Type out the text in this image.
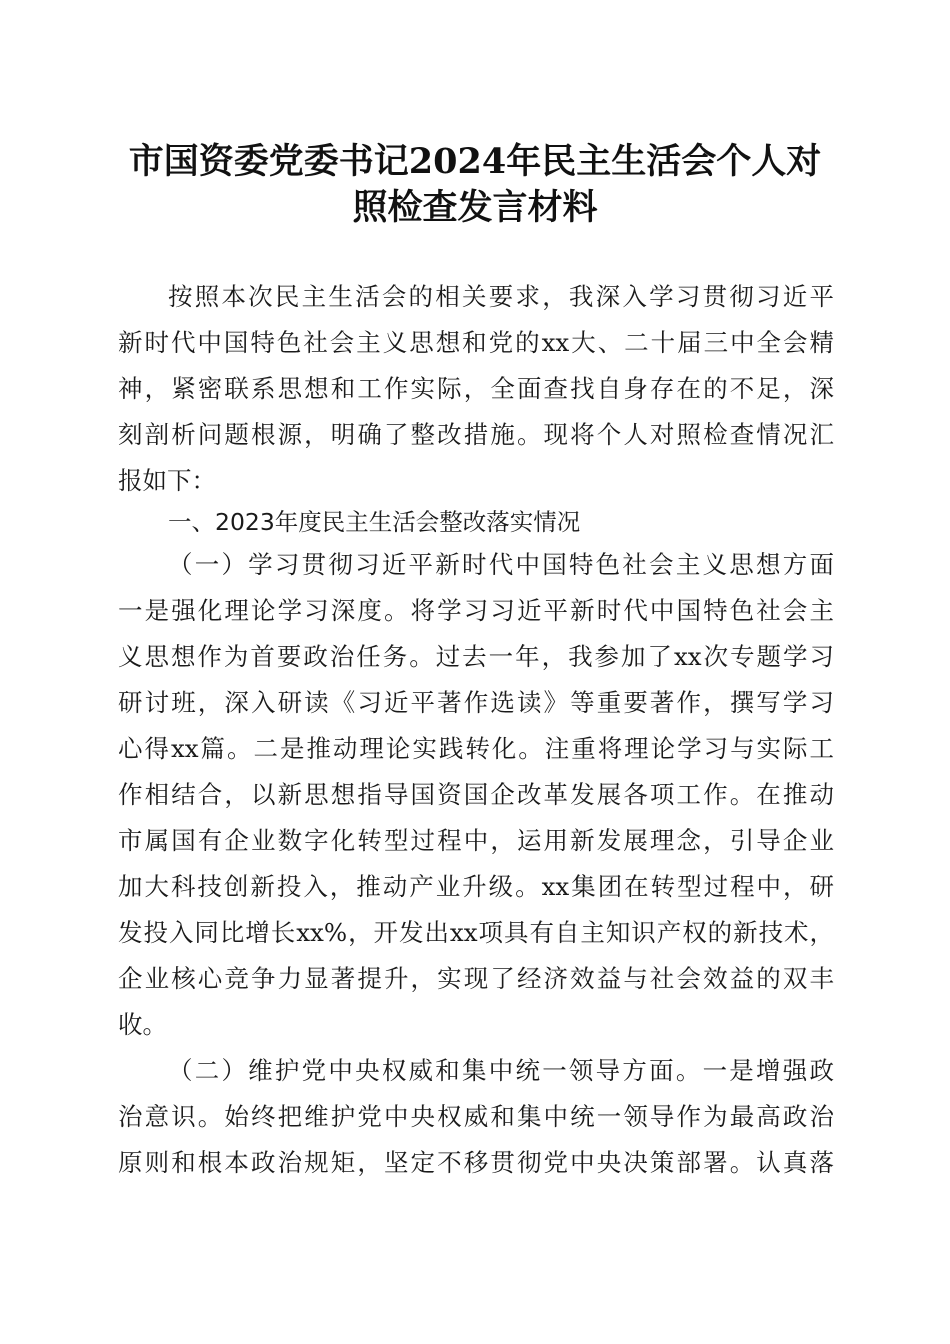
市国资委党委书记2024年民主生活会个人对
照检查发言材料
按照本次民主生活会的相关要求，我深入学习贯彻习近平
新时代中国特色社会主义思想和党的xx大、二十届三中全会精
神，紧密联系思想和工作实际，全面查找自身存在的不足，深
刻剖析问题根源，明确了整改措施。现将个人对照检查情况汇
报如下：
一、2023年度民主生活会整改落实情况
（一）学习贯彻习近平新时代中国特色社会主义思想方面
一是强化理论学习深度。将学习习近平新时代中国特色社会主
义思想作为首要政治任务。过去一年，我参加了xx次专题学习
研讨班，深入研读《习近平著作选读》等重要著作，撰写学习
心得xx篇。二是推动理论实践转化。注重将理论学习与实际工
作相结合，以新思想指导国资国企改革发展各项工作。在推动
市属国有企业数字化转型过程中，运用新发展理念，引导企业
加大科技创新投入，推动产业升级。xx集团在转型过程中，研
发投入同比增长xx%，开发出xx项具有自主知识产权的新技术，
企业核心竞争力显著提升，实现了经济效益与社会效益的双丰
收。
（二）维护党中央权威和集中统一领导方面。一是增强政
治意识。始终把维护党中央权威和集中统一领导作为最高政治
原则和根本政治规矩，坚定不移贯彻党中央决策部署。认真落
